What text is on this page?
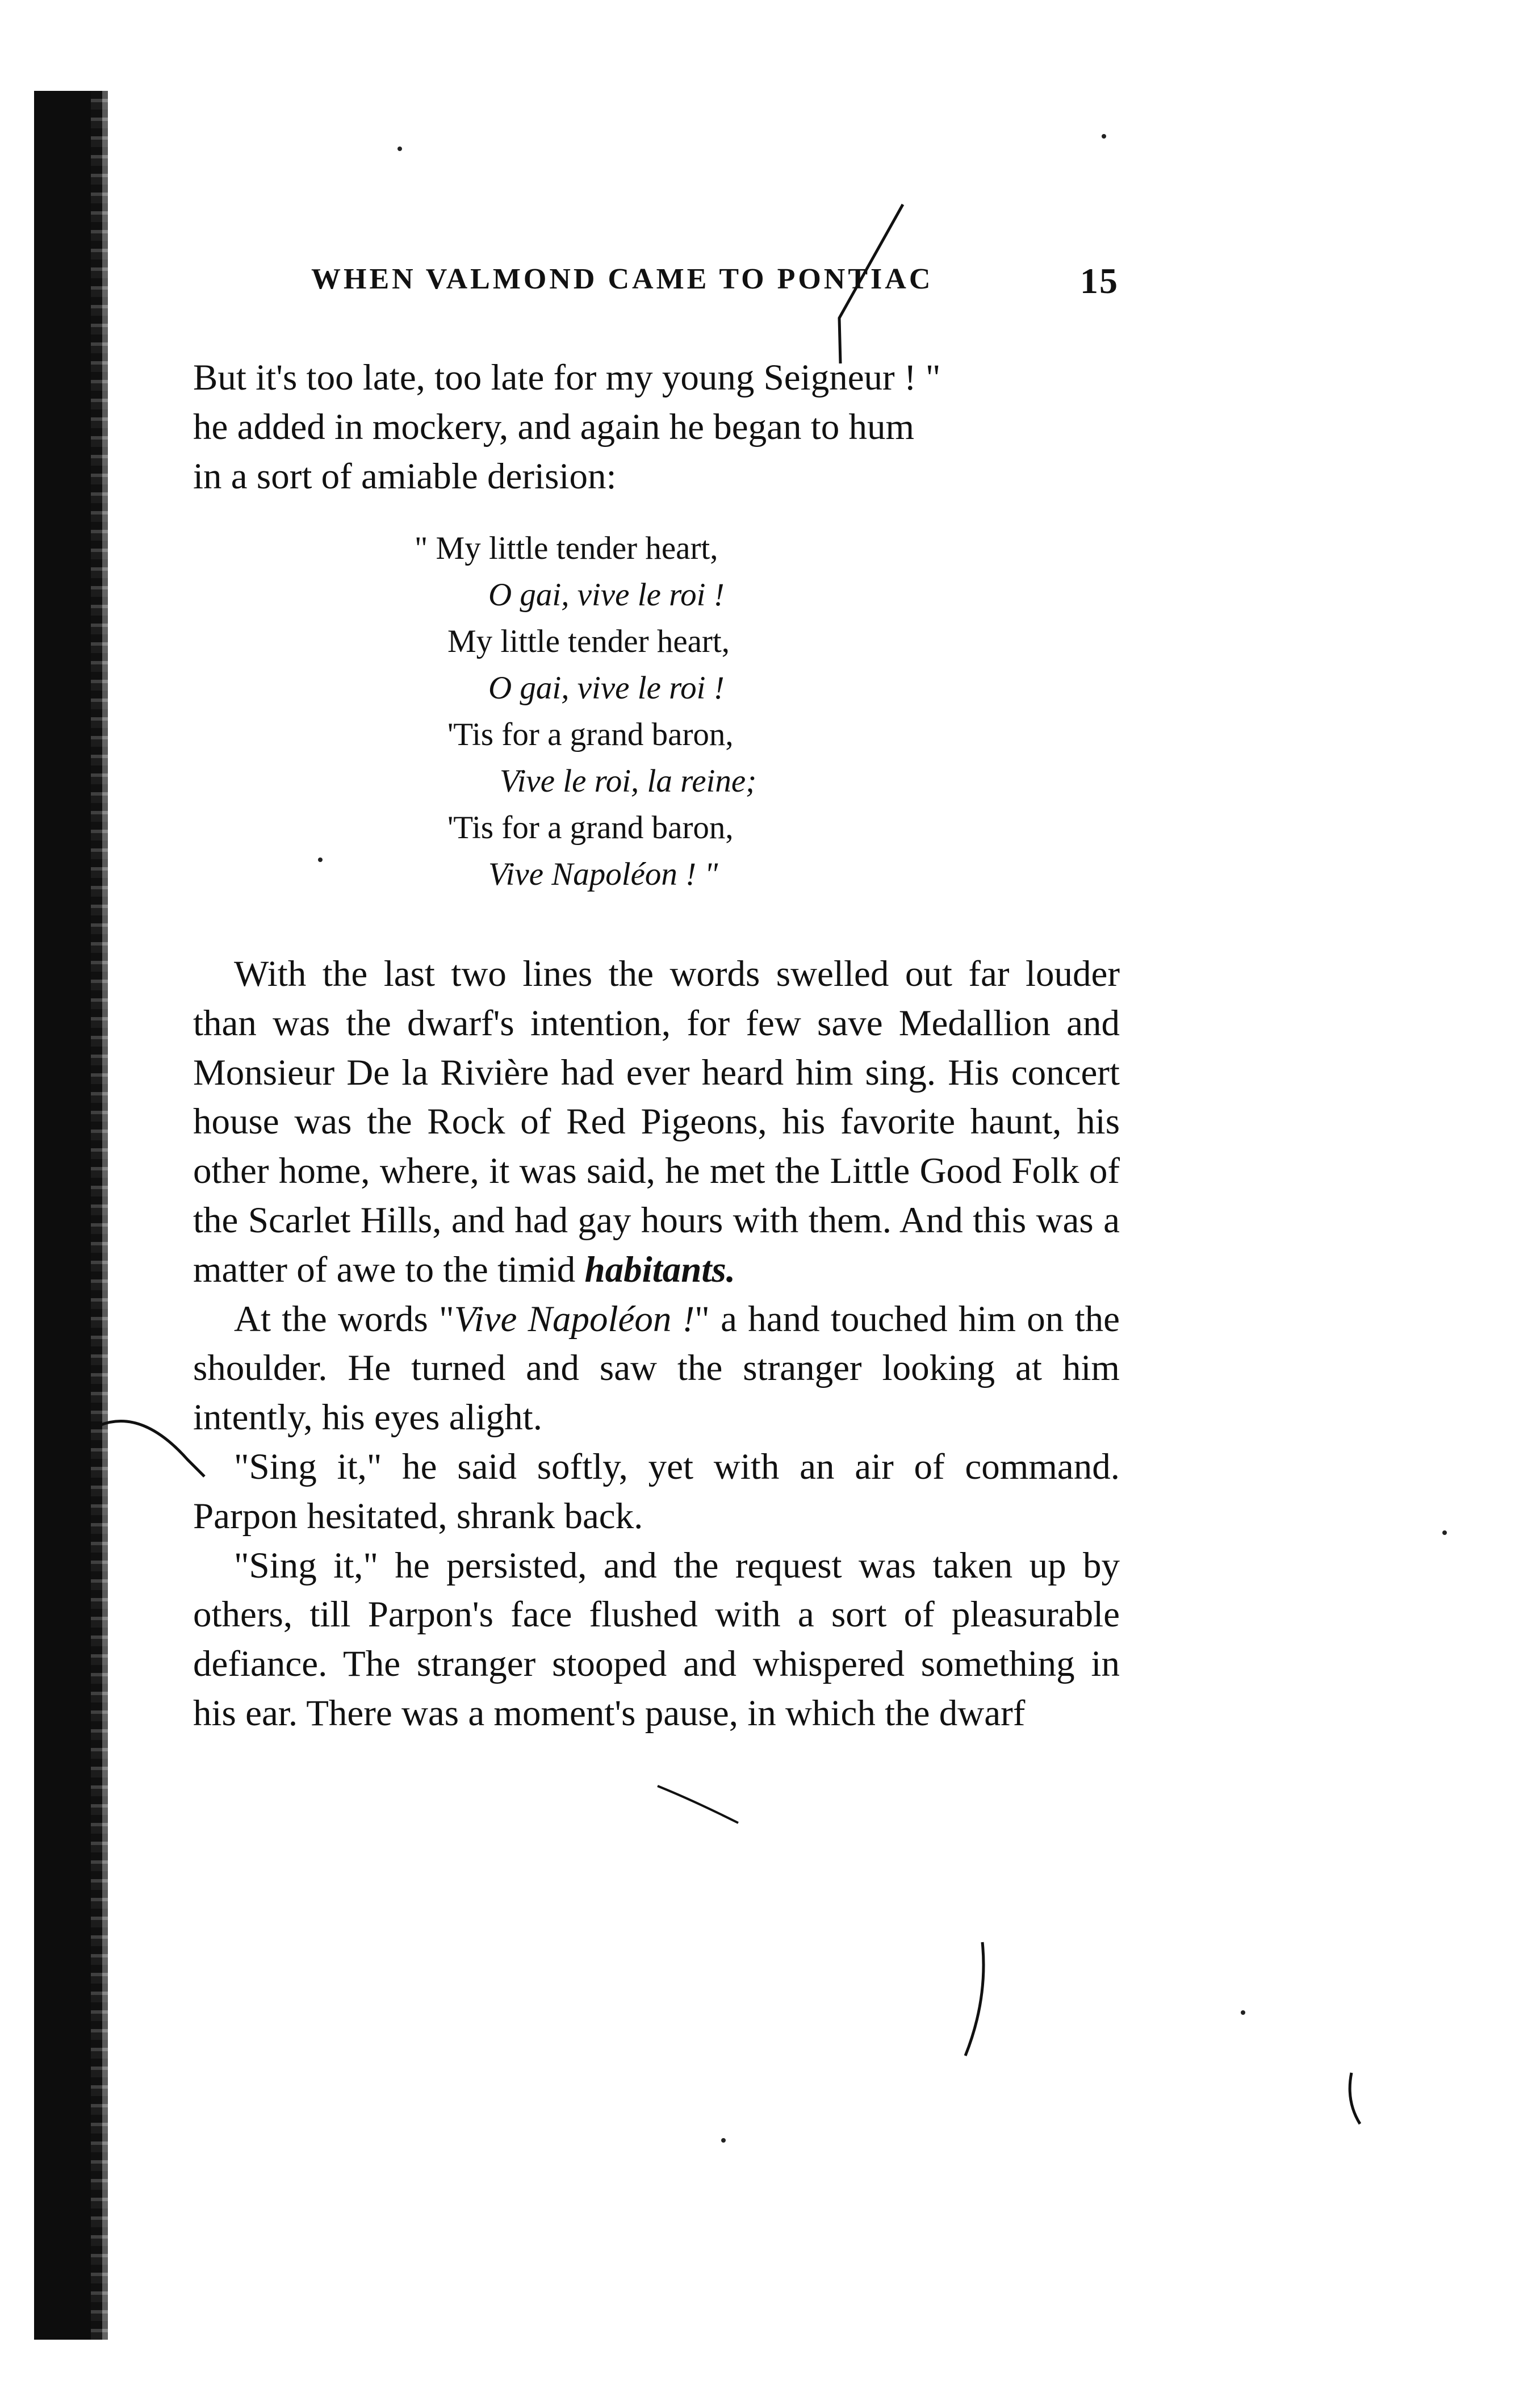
WHEN VALMOND CAME TO PONTIAC	15
But it's too late, too late for my young Seigneur ! "
he added in mockery, and again he began to hum
in a sort of amiable derision:
" My little tender heart,
O gai, vive le roi !
My little tender heart,
O gai, vive le roi !
'Tis for a grand baron,
Vive le roi, la reine;
'Tis for a grand baron,
Vive Napoléon ! "

With the last two lines the words swelled out far louder than was the dwarf's intention, for few save Medallion and Monsieur De la Rivière had ever heard him sing. His concert house was the Rock of Red Pigeons, his favorite haunt, his other home, where, it was said, he met the Little Good Folk of the Scarlet Hills, and had gay hours with them. And this was a matter of awe to the timid habitants.

At the words "Vive Napoléon !" a hand touched him on the shoulder. He turned and saw the stranger looking at him intently, his eyes alight.

"Sing it," he said softly, yet with an air of command. Parpon hesitated, shrank back.

"Sing it," he persisted, and the request was taken up by others, till Parpon's face flushed with a sort of pleasurable defiance. The stranger stooped and whispered something in his ear. There was a moment's pause, in which the dwarf
